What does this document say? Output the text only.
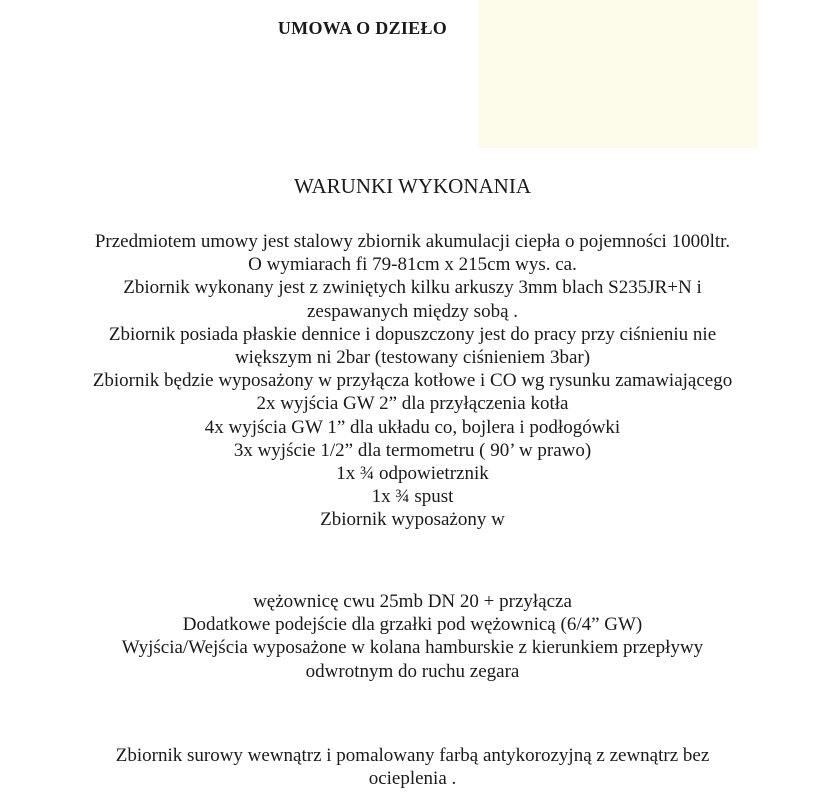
UMOWA O DZIEŁO
WARUNKI WYKONANIA
Przedmiotem umowy jest stalowy zbiornik akumulacji ciepła o pojemności 1000ltr.
O wymiarach fi 79-81cm x 215cm wys. ca.
Zbiornik wykonany jest z zwiniętych kilku arkuszy 3mm blach S235JR+N i
zespawanych między sobą .
Zbiornik posiada płaskie dennice i dopuszczony jest do pracy przy ciśnieniu nie
większym ni 2bar (testowany ciśnieniem 3bar)
Zbiornik będzie wyposażony w przyłącza kotłowe i CO wg rysunku zamawiającego
2x wyjścia GW 2” dla przyłączenia kotła
4x wyjścia GW 1” dla układu co, bojlera i podłogówki
3x wyjście 1/2” dla termometru ( 90’ w prawo)
1x ¾ odpowietrznik
1x ¾ spust
Zbiornik wyposażony w
wężownicę cwu 25mb DN 20 + przyłącza
Dodatkowe podejście dla grzałki pod wężownicą (6/4” GW)
Wyjścia/Wejścia wyposażone w kolana hamburskie z kierunkiem przepływy
odwrotnym do ruchu zegara
Zbiornik surowy wewnątrz i pomalowany farbą antykorozyjną z zewnątrz bez
ocieplenia .
